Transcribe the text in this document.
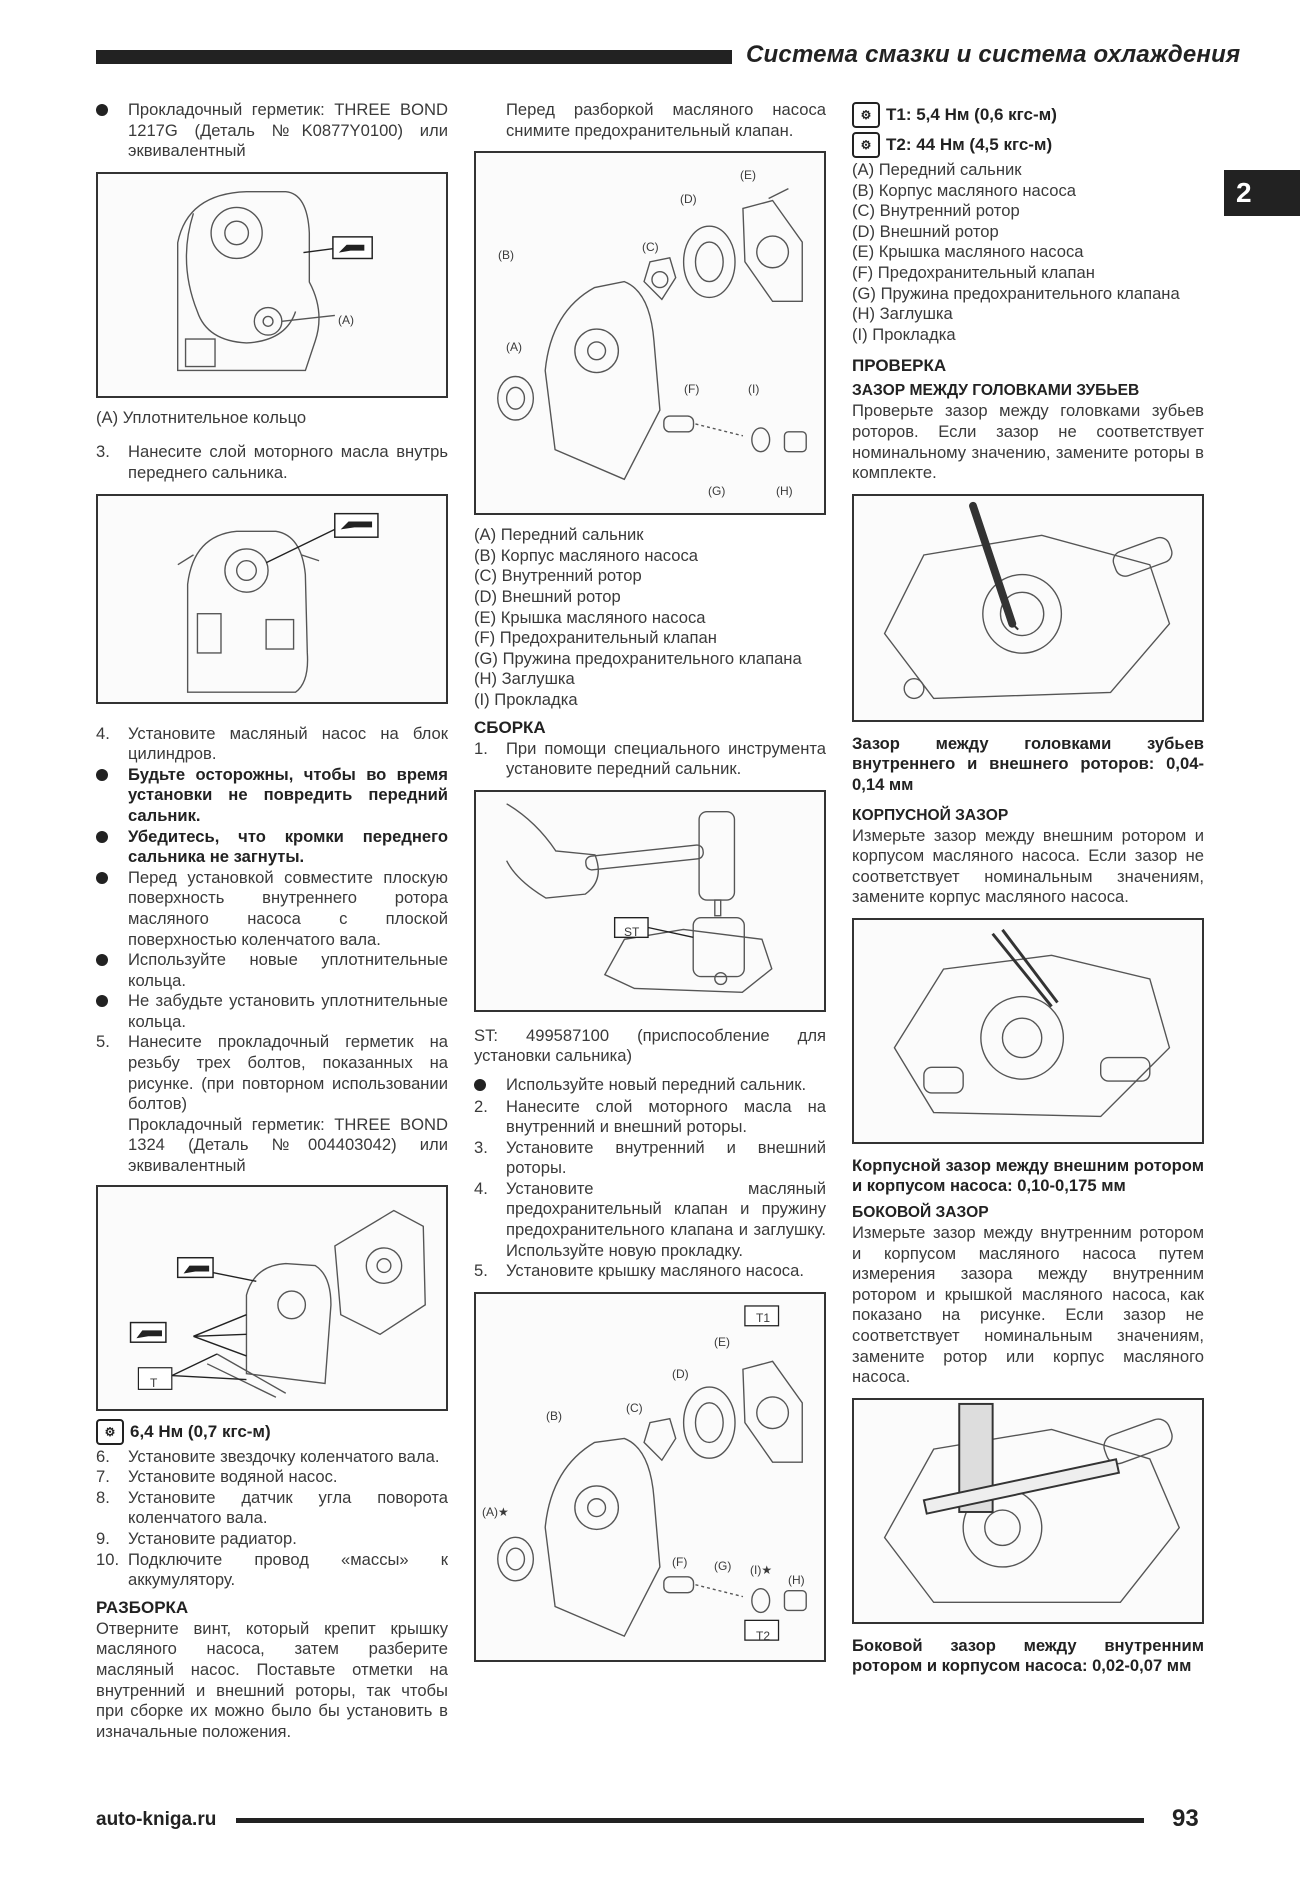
Система смазки и система охлаждения
2
Прокладочный герметик: THREE BOND 1217G (Деталь №K0877Y0100) или эквивалентный
(A)

(A) Уплотнительное кольцо

3.	Нанесите слой моторного масла внутрь переднего сальника.
4.	Установите масляный насос на блок цилиндров.
Будьте осторожны, чтобы во время установки не повредить передний сальник.
Убедитесь, что кромки переднего сальника не загнуты.
Перед установкой совместите плоскую поверхность внутреннего ротора масляного насоса с плоской поверхностью коленчатого вала.
Используйте новые уплотнительные кольца.
Не забудьте установить уплотнительные кольца.
5.	Нанесите прокладочный герметик на резьбу трех болтов, показанных на рисунке. (при повторном использовании болтов)
Прокладочный герметик: THREE BOND 1324 (Деталь №004403042) или эквивалентный
T
⚙ 6,4 Нм (0,7 кгс-м)
6.	Установите звездочку коленчатого вала.
7.	Установите водяной насос.
8.	Установите датчик угла поворота коленчатого вала.
9.	Установите радиатор.
10. Подключите провод «массы» к аккумулятору.
РАЗБОРКА

Отверните винт, который крепит крышку масляного насоса, затем разберите масляный насос. Поставьте отметки на внутренний и внешний роторы, так чтобы при сборке их можно было бы установить в изначальные положения.

Перед разборкой масляного насоса снимите предохранительный клапан.

(A)
(B)
(C)
(D)
(E)
(F)
(G)	(H)
(I)
(A) Передний сальник
(B) Корпус масляного насоса
(C) Внутренний ротор
(D) Внешний ротор
(E) Крышка масляного насоса
(F) Предохранительный клапан
(G) Пружина предохранительного клапана
(H) Заглушка
(I) Прокладка
СБОРКА
1.	При помощи специального инструмента установите передний сальник.
ST

ST: 499587100 (приспособление для установки сальника)

Используйте новый передний сальник.
2.	Нанесите слой моторного масла на внутренний и внешний роторы.
3.	Установите внутренний и внешний роторы.
4.	Установите масляный предохранительный клапан и пружину предохранительного клапана и заглушку. Используйте новую прокладку.
5.	Установите крышку масляного насоса.
(A)★
(B)
(C)
(D)
(E)
(F) (G) (I)★
(H)
T1
T2
⚙ T1: 5,4 Нм (0,6 кгс-м)
⚙ T2: 44 Нм (4,5 кгс-м)
(A) Передний сальник
(B) Корпус масляного насоса
(C) Внутренний ротор
(D) Внешний ротор
(E) Крышка масляного насоса
(F) Предохранительный клапан
(G) Пружина предохранительного клапана
(H) Заглушка
(I) Прокладка
ПРОВЕРКА
ЗАЗОР МЕЖДУ ГОЛОВКАМИ ЗУБЬЕВ

Проверьте зазор между головками зубьев роторов. Если зазор не соответствует номинальному значению, замените роторы в комплекте.

Зазор между головками зубьев внутреннего и внешнего роторов: 0,04-0,14 мм

КОРПУСНОЙ ЗАЗОР

Измерьте зазор между внешним ротором и корпусом масляного насоса. Если зазор не соответствует номинальным значениям, замените корпус масляного насоса.

Корпусной зазор между внешним ротором и корпусом насоса: 0,10-0,175 мм

БОКОВОЙ ЗАЗОР

Измерьте зазор между внутренним ротором и корпусом масляного насоса путем измерения зазора между внутренним ротором и крышкой масляного насоса, как показано на рисунке. Если зазор не соответствует номинальным значениям, замените ротор или корпус масляного насоса.

Боковой зазор между внутренним ротором и корпусом насоса: 0,02-0,07 мм

auto-kniga.ru	93
